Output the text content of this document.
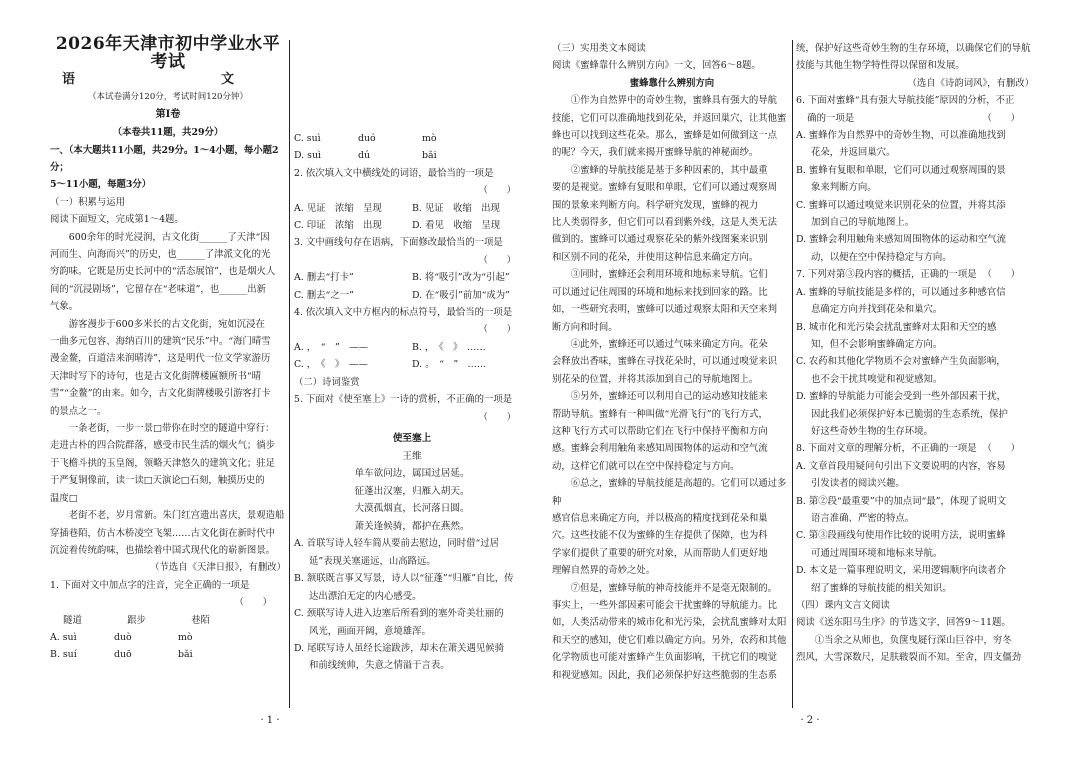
2026年天津市初中学业水平考试

语　　文

（本试卷满分120分，考试时间120分钟）

第Ⅰ卷

（本卷共11题，共29分）

一、（本大题共11小题，共29分。1～4小题，每小题2分；

5～11小题，每题3分）

（一）积累与运用

阅读下面短文，完成第1～4题。

600余年的时光浸润，古文化街______了天津“因

河而生、向海而兴”的历史，也______了津派文化的光

穷韵味。它既是历史长河中的“活态展馆”，也是烟火人

间的“沉浸剧场”，它留存在“老味道”，也______出新

气象。

游客漫步于600多米长的古文化街，宛如沉浸在

一曲多元包容、海纳百川的建筑“民乐”中。“海门晴雪

漫金鳌，百道洁来润晴涛”，这是明代一位文学家游历

天津时写下的诗句，也是古文化街牌楼匾额所书“晴

雪”“金鳌”的由来。如今，古文化街牌楼吸引游客打卡

的景点之一。

一条老街，一步一景□带你在时空的隧道中穿行：

走进古朴的四合院群落，感受市民生活的烟火气；徜步

于飞檐斗拱的玉皇阁，领略天津悠久的建筑文化；驻足

于严复铜像前，读一读□天演论□石刻，触摸历史的

温度□

老街不老，岁月常新。朱门红宫遗出喜庆，景观造船

穿插巷陌，仿古木桥凌空飞架……古文化街在新时代中

沉淀着传统韵味，也描绘着中国式现代化的崭新图景。

（节选自《天津日报》，有删改）

1. 下面对文中加点字的注音，完全正确的一项是

（　　）

隧道	跟步	巷陌
A. suì	duò	mò
B. suí	duō	bǎi
C. suì	duó	mò
D. suì	dú	bǎi

2. 依次填入文中横线处的词语，最恰当的一项是

（　　）

A. 见证　浓缩　呈现	B. 见证　收缩　出现
C. 印证　浓缩　出现	D. 看见　收缩　呈现

3. 文中画线句存在语病，下面修改最恰当的一项是

（　　）

A. 删去“打卡”	B. 将“吸引”改为“引起”
C. 删去“之一”	D. 在“吸引”前加“成为”

4. 依次填入文中方框内的标点符号，最恰当的一项是

（　　）

A. ，　“　”　——	B. ，　《　》　……
C. ，　《　》　——	D. 。　“　”　……

（二）诗词鉴赏

5. 下面对《使至塞上》一诗的赏析，不正确的一项是

（　　）

使至塞上

王维

单车欲问边，属国过居延。

征蓬出汉塞，归雁入胡天。

大漠孤烟直，长河落日圆。

萧关逢候骑，都护在燕然。

A. 首联写诗人轻车简从要前去慰边，同时借“过居

延”表现关塞遥远，山高路远。

B. 颔联既言事又写景，诗人以“征蓬”“归雁”自比，传

达出漂泊无定的内心感受。

C. 颈联写诗人进入边塞后所看到的塞外奇美壮丽的

风光，画面开阔，意境雄浑。

D. 尾联写诗人虽经长途跋涉，却未在萧关遇见候骑

和前线统帅，失意之情溢于言表。

· 1 ·

（三）实用类文本阅读

阅读《蜜蜂靠什么辨别方向》一文，回答6～8题。

蜜蜂靠什么辨别方向

①作为自然界中的奇妙生物，蜜蜂具有强大的导航

技能，它们可以准确地找到花朵，并返回巢穴，让其他蜜

蜂也可以找到这些花朵。那么，蜜蜂是如何做到这一点

的呢？今天，我们就来揭开蜜蜂导航的神秘面纱。

②蜜蜂的导航技能是基于多种因素的，其中最重

要的是视觉。蜜蜂有复眼和单眼，它们可以通过观察周

围的景象来判断方向。科学研究发现，蜜蜂的视力

比人类弱得多，但它们可以看到紫外线，这是人类无法

做到的。蜜蜂可以通过观察花朵的紫外线图案来识别

和区别不同的花朵，并使用这种信息来确定方向。

③同时，蜜蜂还会利用环境和地标来导航。它们

可以通过记住周围的环境和地标来找到回家的路。比

如，一些研究表明，蜜蜂可以通过观察太阳和天空来判

断方向和时间。

④此外，蜜蜂还可以通过气味来确定方向。花朵

会释放出香味，蜜蜂在寻找花朵时，可以通过嗅觉来识

别花朵的位置，并将其添加到自己的导航地图上。

⑤另外，蜜蜂还可以利用自己的运动感知技能来

帮助导航。蜜蜂有一种叫做“光滑飞行”的飞行方式，

这种飞行方式可以帮助它们在飞行中保持平衡和方向

感。蜜蜂会利用触角来感知周围物体的运动和空气流

动，这样它们就可以在空中保持稳定与方向。

⑥总之，蜜蜂的导航技能是高超的。它们可以通过多种

感官信息来确定方向，并以极高的精度找到花朵和巢

穴。这些技能不仅为蜜蜂的生存提供了保障，也为科

学家们提供了重要的研究对象，从而帮助人们更好地

理解自然界的奇妙之处。

⑦但是，蜜蜂导航的神奇技能并不是毫无限制的。

事实上，一些外部因素可能会干扰蜜蜂的导航能力。比

如，人类活动带来的城市化和光污染，会扰乱蜜蜂对太阳

和天空的感知，使它们难以确定方向。另外，农药和其他

化学物质也可能对蜜蜂产生负面影响，干扰它们的嗅觉

和视觉感知。因此，我们必须保护好这些脆弱的生态系

统，保护好这些奇妙生物的生存环境，以确保它们的导航

技能与其他生物学特性得以保留和发展。

（选自《诗韵词风》，有删改）

6. 下面对蜜蜂“具有强大导航技能”原因的分析，不正

确的一项是	（　　）

A. 蜜蜂作为自然界中的奇妙生物，可以准确地找到

花朵，并返回巢穴。

B. 蜜蜂有复眼和单眼，它们可以通过观察周围的景

象来判断方向。

C. 蜜蜂可以通过嗅觉来识别花朵的位置，并将其添

加到自己的导航地图上。

D. 蜜蜂会利用触角来感知周围物体的运动和空气流

动，以便在空中保持稳定与方向。

7. 下列对第③段内容的概括，正确的一项是 （　　）

A. 蜜蜂的导航技能是多样的，可以通过多种感官信

息确定方向并找到花朵和巢穴。

B. 城市化和光污染会扰乱蜜蜂对太阳和天空的感

知，但不会影响蜜蜂确定方向。

C. 农药和其他化学物质不会对蜜蜂产生负面影响，

也不会干扰其嗅觉和视觉感知。

D. 蜜蜂的导航能力可能会受到一些外部因素干扰，

因此我们必须保护好本已脆弱的生态系统，保护

好这些奇妙生物的生存环境。

8. 下面对文章的理解分析，不正确的一项是 （　　）

A. 文章首段用疑问句引出下文要说明的内容，容易

引发读者的阅读兴趣。

B. 第②段“最重要”中的加点词“最”，体现了说明文

语言准确、严密的特点。

C. 第③段画线句使用作比较的说明方法，说明蜜蜂

可通过周围环境和地标来导航。

D. 本文是一篇事理说明文，采用逻辑顺序向读者介

绍了蜜蜂的导航技能的相关知识。

（四）课内文言文阅读

阅读《送东阳马生序》的节选文字，回答9～11题。

①当余之从师也，负箧曳屣行深山巨谷中，穷冬

烈风，大雪深数尺，足肤皲裂而不知。至舍，四支僵劲

· 2 ·
